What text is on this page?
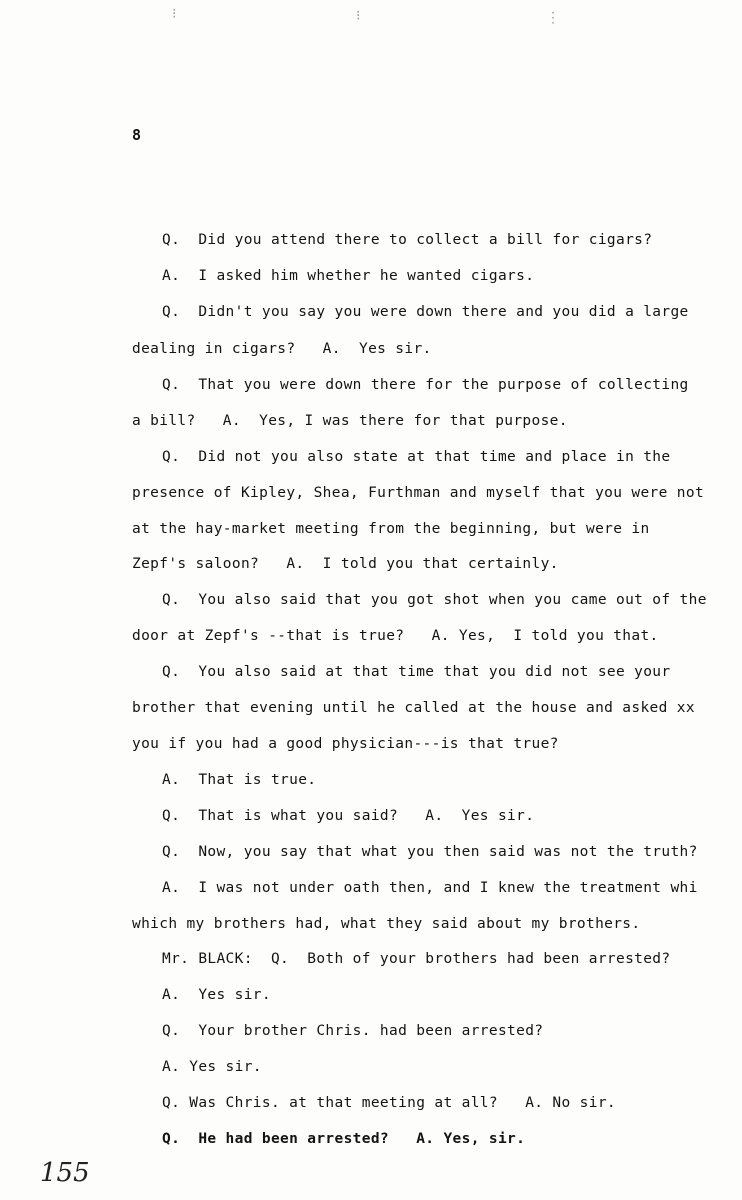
8
Q.  Did you attend there to collect a bill for cigars?
A.  I asked him whether he wanted cigars.
Q.  Didn't you say you were down there and you did a large
dealing in cigars?   A.  Yes sir.
Q.  That you were down there for the purpose of collecting
a bill?   A.  Yes, I was there for that purpose.
Q.  Did not you also state at that time and place in the
presence of Kipley, Shea, Furthman and myself that you were not
at the hay-market meeting from the beginning, but were in
Zepf's saloon?   A.  I told you that certainly.
Q.  You also said that you got shot when you came out of the
door at Zepf's --that is true?   A. Yes,  I told you that.
Q.  You also said at that time that you did not see your
brother that evening until he called at the house and asked xx
you if you had a good physician---is that true?
A.  That is true.
Q.  That is what you said?   A.  Yes sir.
Q.  Now, you say that what you then said was not the truth?
A.  I was not under oath then, and I knew the treatment whi
which my brothers had, what they said about my brothers.
Mr. BLACK:  Q.  Both of your brothers had been arrested?
A.  Yes sir.
Q.  Your brother Chris. had been arrested?
A. Yes sir.
Q. Was Chris. at that meeting at all?   A. No sir.
Q.  He had been arrested?   A. Yes, sir.
155
⁝	⁝	⋮
